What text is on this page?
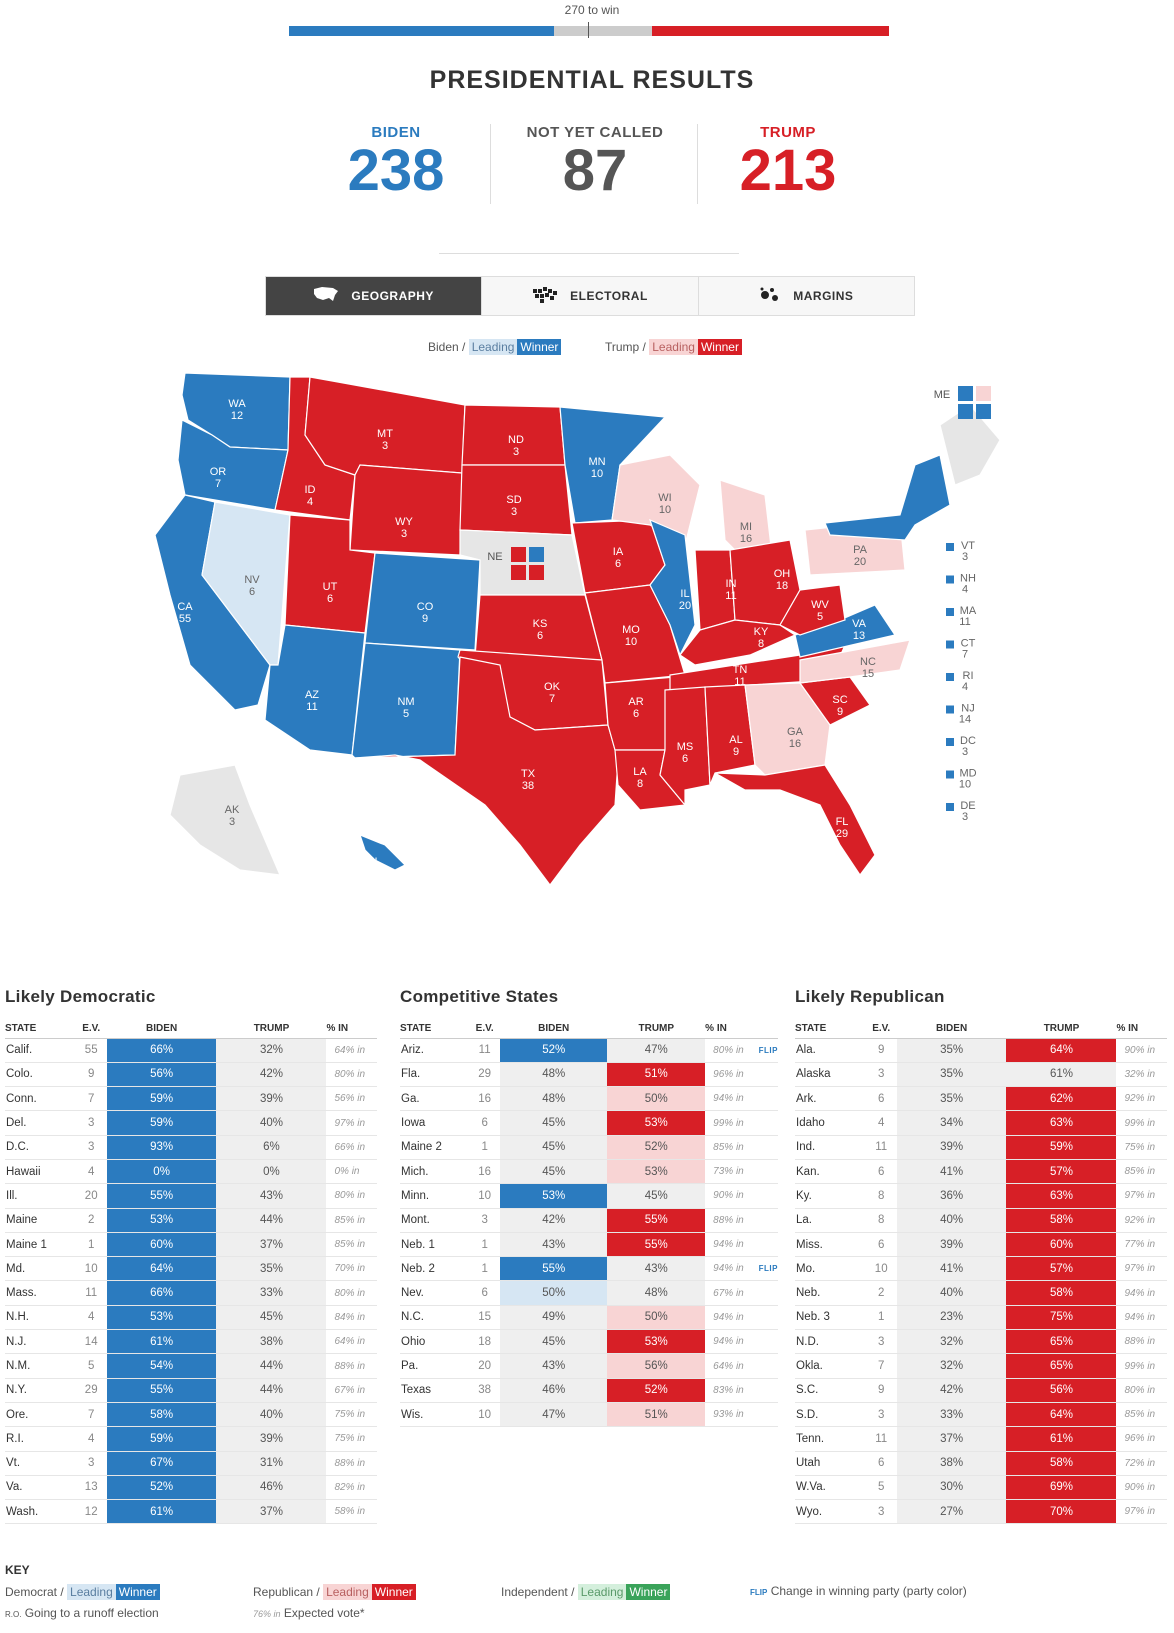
270 to win
PRESIDENTIAL RESULTS
BIDEN
238
NOT YET CALLED
87
TRUMP
213
GEOGRAPHY	ELECTORAL	MARGINS
Biden / Leading Winner	Trump / Leading Winner
WA
12
OR
7
CA
55
NV
6
ID
4
MT
3
WY
3
UT
6
AZ
11
CO
9
NM
5
ND
3
SD
3
KS
6
OK
7
TX
38
MN
10
IA
6
MO
10
AR
6
LA
8
WI
10
IL
20
MI
16
IN
11
OH
18
KY
8
TN
11
MS
6
AL
9
GA
16
FL
29
SC
9
NC
15
VA
13
WV
5
PA
20
NY
29
AK
3
HI
4
NE
ME
VT
3
NH
4
MA
11
CT
7
RI
4
NJ
14
DC
3
MD
10
DE
3
Likely Democratic	Competitive States	Likely Republican
STATE	E.V.	BIDEN	TRUMP	% IN
Calif.	55	66%	32%	64% in
Colo.	9	56%	42%	80% in
Conn.	7	59%	39%	56% in
Del.	3	59%	40%	97% in
D.C.	3	93%	6%	66% in
Hawaii	4	0%	0%	0% in
Ill.	20	55%	43%	80% in
Maine	2	53%	44%	85% in
Maine 1	1	60%	37%	85% in
Md.	10	64%	35%	70% in
Mass.	11	66%	33%	80% in
N.H.	4	53%	45%	84% in
N.J.	14	61%	38%	64% in
N.M.	5	54%	44%	88% in
N.Y.	29	55%	44%	67% in
Ore.	7	58%	40%	75% in
R.I.	4	59%	39%	75% in
Vt.	3	67%	31%	88% in
Va.	13	52%	46%	82% in
Wash.	12	61%	37%	58% in
STATE	E.V.	BIDEN	TRUMP	% IN	
Ariz.	11	52%	47%	80% in	FLIP
Fla.	29	48%	51%	96% in	
Ga.	16	48%	50%	94% in	
Iowa	6	45%	53%	99% in	
Maine 2	1	45%	52%	85% in	
Mich.	16	45%	53%	73% in	
Minn.	10	53%	45%	90% in	
Mont.	3	42%	55%	88% in	
Neb. 1	1	43%	55%	94% in	
Neb. 2	1	55%	43%	94% in	FLIP
Nev.	6	50%	48%	67% in	
N.C.	15	49%	50%	94% in	
Ohio	18	45%	53%	94% in	
Pa.	20	43%	56%	64% in	
Texas	38	46%	52%	83% in	
Wis.	10	47%	51%	93% in	
STATE	E.V.	BIDEN	TRUMP	% IN
Ala.	9	35%	64%	90% in
Alaska	3	35%	61%	32% in
Ark.	6	35%	62%	92% in
Idaho	4	34%	63%	99% in
Ind.	11	39%	59%	75% in
Kan.	6	41%	57%	85% in
Ky.	8	36%	63%	97% in
La.	8	40%	58%	92% in
Miss.	6	39%	60%	77% in
Mo.	10	41%	57%	97% in
Neb.	2	40%	58%	94% in
Neb. 3	1	23%	75%	94% in
N.D.	3	32%	65%	88% in
Okla.	7	32%	65%	99% in
S.C.	9	42%	56%	80% in
S.D.	3	33%	64%	85% in
Tenn.	11	37%	61%	96% in
Utah	6	38%	58%	72% in
W.Va.	5	30%	69%	90% in
Wyo.	3	27%	70%	97% in
KEY
Democrat / Leading Winner	Republican / Leading Winner	Independent / Leading Winner	FLIP Change in winning party (party color)
R.O. Going to a runoff election	76% in Expected vote*
